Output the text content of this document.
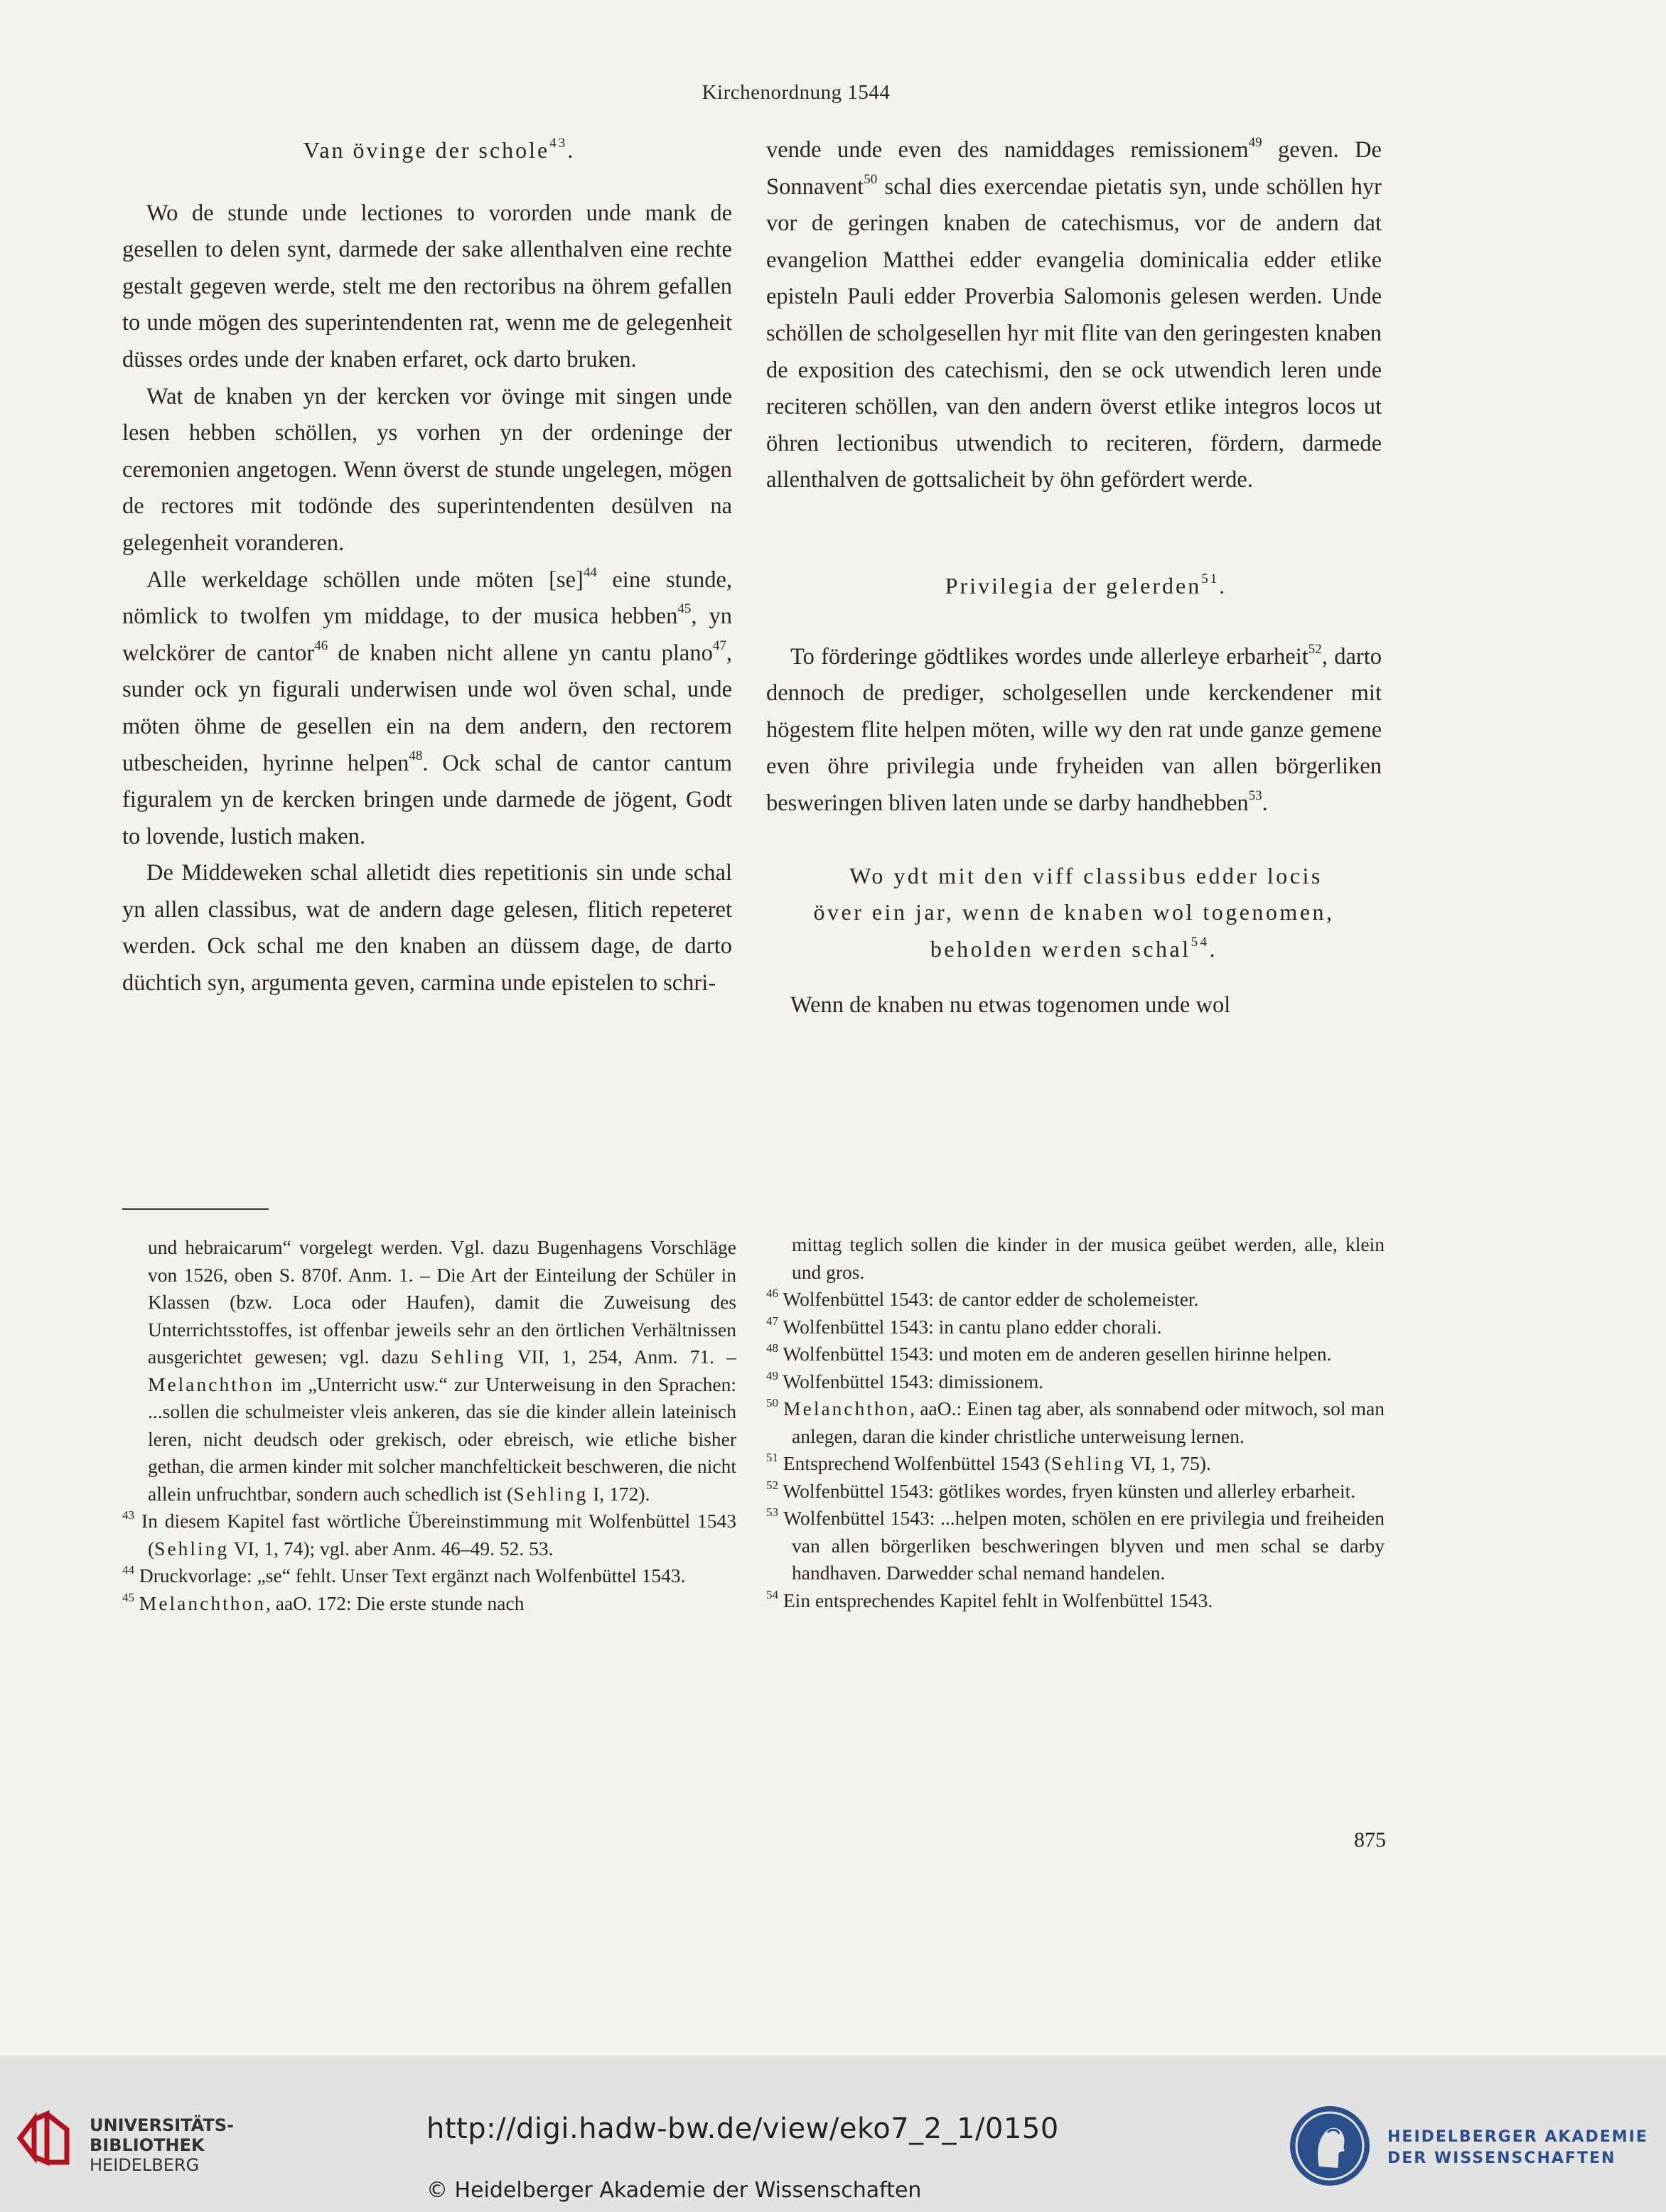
Kirchenordnung 1544

Van övinge der schole$^{43}$.

Wo de stunde unde lectiones to vororden unde mank de gesellen to delen synt, darmede der sake allenthalven eine rechte gestalt gegeven werde, stelt me den rectoribus na öhrem gefallen to unde mögen des superintendenten rat, wenn me de gelegenheit düsses ordes unde der knaben erfaret, ock darto bruken.

Wat de knaben yn der kercken vor övinge mit singen unde lesen hebben schöllen, ys vorhen yn der ordeninge der ceremonien angetogen. Wenn överst de stunde ungelegen, mögen de rectores mit todönde des superintendenten desülven na gelegenheit voranderen.

Alle werkeldage schöllen unde möten [se]$^{44}$ eine stunde, nömlick to twolfen ym middage, to der musica hebben$^{45}$, yn welckörer de cantor$^{46}$ de knaben nicht allene yn cantu plano$^{47}$, sunder ock yn figurali underwisen unde wol öven schal, unde möten öhme de gesellen ein na dem andern, den rectorem utbescheiden, hyrinne helpen$^{48}$. Ock schal de cantor cantum figuralem yn de kercken bringen unde darmede de jögent, Godt to lovende, lustich maken.

De Middeweken schal alletidt dies repetitionis sin unde schal yn allen classibus, wat de andern dage gelesen, flitich repeteret werden. Ock schal me den knaben an düssem dage, de darto düchtich syn, argumenta geven, carmina unde epistelen to schri-

vende unde even des namiddages remissionem$^{49}$ geven. De Sonnavent$^{50}$ schal dies exercendae pietatis syn, unde schöllen hyr vor de geringen knaben de catechismus, vor de andern dat evangelion Matthei edder evangelia dominicalia edder etlike episteln Pauli edder Proverbia Salomonis gelesen werden. Unde schöllen de scholgesellen hyr mit flite van den geringesten knaben de exposition des catechismi, den se ock utwendich leren unde reciteren schöllen, van den andern överst etlike integros locos ut öhren lectionibus utwendich to reciteren, fördern, darmede allenthalven de gottsalicheit by öhn gefördert werde.

Privilegia der gelerden$^{51}$.

To förderinge gödtlikes wordes unde allerleye erbarheit$^{52}$, darto dennoch de prediger, scholgesellen unde kerckendener mit högestem flite helpen möten, wille wy den rat unde ganze gemene even öhre privilegia unde fryheiden van allen börgerliken besweringen bliven laten unde se darby handhebben$^{53}$.

Wo ydt mit den viff classibus edder locis
över ein jar, wenn de knaben wol togenomen,
beholden werden schal$^{54}$.

Wenn de knaben nu etwas togenomen unde wol

und hebraicarum“ vorgelegt werden. Vgl. dazu Bugenhagens Vorschläge von 1526, oben S. 870f. Anm. 1. – Die Art der Einteilung der Schüler in Klassen (bzw. Loca oder Haufen), damit die Zuweisung des Unterrichtsstoffes, ist offenbar jeweils sehr an den örtlichen Verhältnissen ausgerichtet gewesen; vgl. dazu Sehling VII, 1, 254, Anm. 71. – Melanchthon im „Unterricht usw.“ zur Unterweisung in den Sprachen: ...sollen die schulmeister vleis ankeren, das sie die kinder allein lateinisch leren, nicht deudsch oder grekisch, oder ebreisch, wie etliche bisher gethan, die armen kinder mit solcher manchfeltickeit beschweren, die nicht allein unfruchtbar, sondern auch schedlich ist (Sehling I, 172).

$^{43}$ In diesem Kapitel fast wörtliche Übereinstimmung mit Wolfenbüttel 1543 (Sehling VI, 1, 74); vgl. aber Anm. 46–49. 52. 53.

$^{44}$ Druckvorlage: „se“ fehlt. Unser Text ergänzt nach Wolfenbüttel 1543.

$^{45}$ Melanchthon, aaO. 172: Die erste stunde nach

mittag teglich sollen die kinder in der musica geübet werden, alle, klein und gros.

$^{46}$ Wolfenbüttel 1543: de cantor edder de scholemeister.

$^{47}$ Wolfenbüttel 1543: in cantu plano edder chorali.

$^{48}$ Wolfenbüttel 1543: und moten em de anderen gesellen hirinne helpen.

$^{49}$ Wolfenbüttel 1543: dimissionem.

$^{50}$ Melanchthon, aaO.: Einen tag aber, als sonnabend oder mitwoch, sol man anlegen, daran die kinder christliche unterweisung lernen.

$^{51}$ Entsprechend Wolfenbüttel 1543 (Sehling VI, 1, 75).

$^{52}$ Wolfenbüttel 1543: götlikes wordes, fryen künsten und allerley erbarheit.

$^{53}$ Wolfenbüttel 1543: ...helpen moten, schölen en ere privilegia und freiheiden van allen börgerliken beschweringen blyven und men schal se darby handhaven. Darwedder schal nemand handelen.

$^{54}$ Ein entsprechendes Kapitel fehlt in Wolfenbüttel 1543.

875
UNIVERSITÄTS-
BIBLIOTHEK
HEIDELBERG
http://digi.hadw-bw.de/view/eko7_2_1/0150
© Heidelberger Akademie der Wissenschaften
HEIDELBERGER AKADEMIE
DER WISSENSCHAFTEN
